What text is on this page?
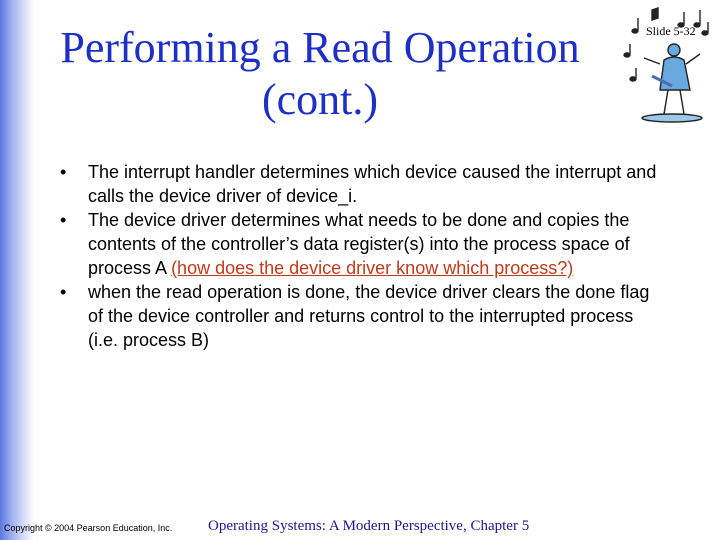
Performing a Read Operation
(cont.)
Slide 5-32
• The interrupt handler determines which device caused the interrupt and calls the device driver of device_i.
• The device driver determines what needs to be done and copies the contents of the controller’s data register(s) into the process space of process A (how does the device driver know which process?)
• when the read operation is done, the device driver clears the done flag of the device controller and returns control to the interrupted process (i.e. process B)
Copyright © 2004 Pearson Education, Inc. Operating Systems: A Modern Perspective, Chapter 5
